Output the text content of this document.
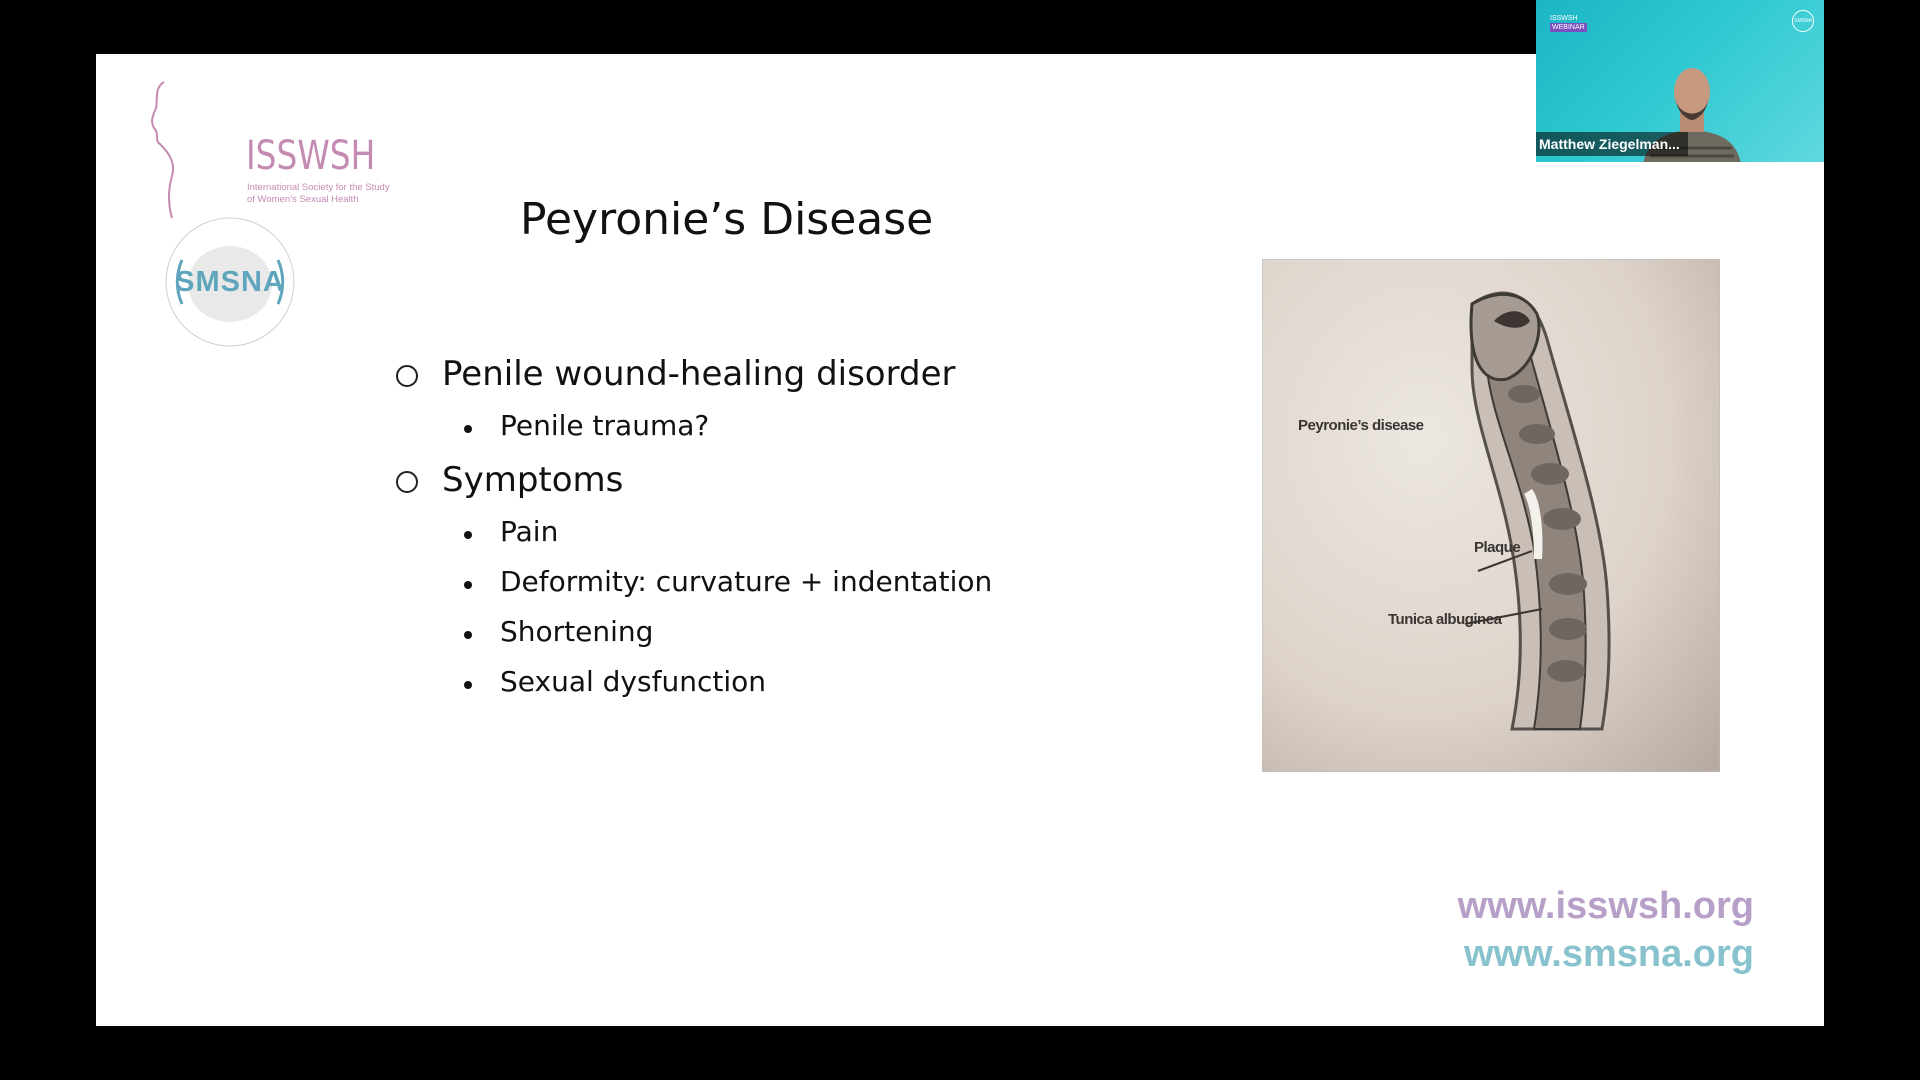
ISSWSH
International Society for the Study of Women’s Sexual Health
SMSNA
Peyronie’s Disease
Penile wound-healing disorder
Penile trauma?
Symptoms
Pain
Deformity: curvature + indentation
Shortening
Sexual dysfunction
Peyronie’s disease
Plaque
Tunica albuginea
www.isswsh.org
www.smsna.org
ISSWSH
WEBINAR
SMSNA
Matthew Ziegelman...
